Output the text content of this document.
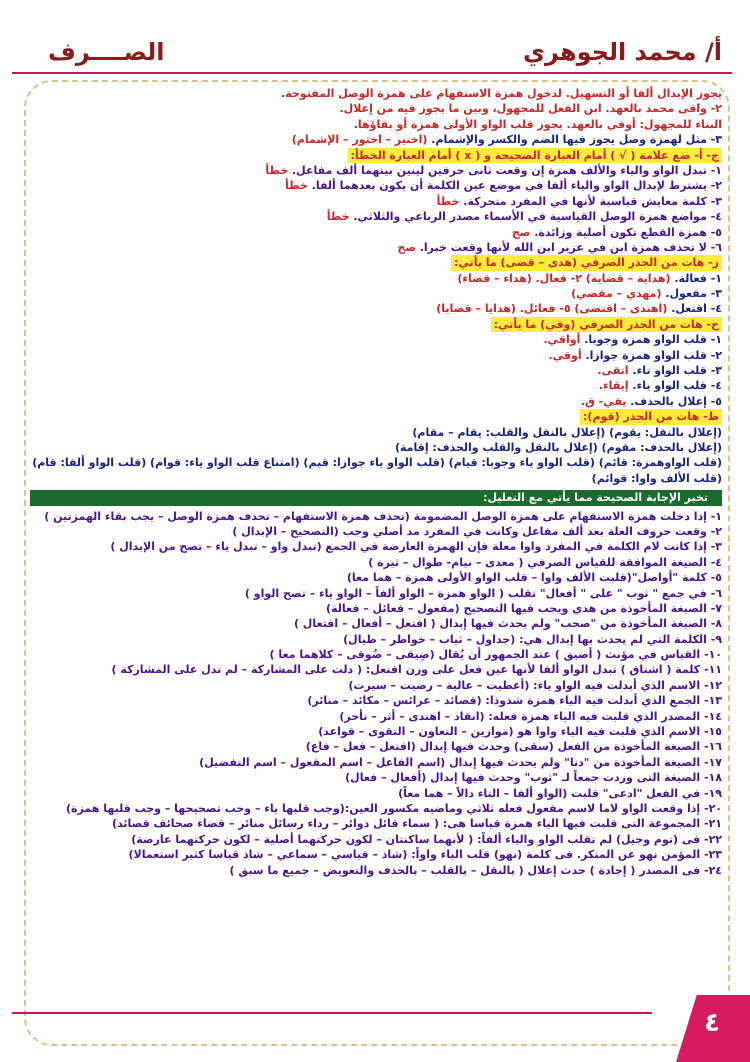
أ/ محمد الجوهري
الصــــرف
يجوز الإبدال ألفا أو التسهيل. لدخول همزة الاستفهام على همزة الوصل المفتوحة.
٢- واقى محمد بالعهد. ابن الفعل للمجهول، وبين ما يجوز فيه من إعلال.
البناء للمجهول: أوفي بالعهد. يجوز قلب الواو الأولى همزة أو بقاؤها.
٣- مثل لهمزة وصل يجوز فيها الضم والكسر والإشمام. (اختير – اختور – الإشمام)
ج- أ- ضع علامة ( √ ) أمام العبارة الصحيحة و ( x ) أمام العبارة الخطأ:
١- تبدل الواو والياء والألف همزة إن وقعت ثانى حرفين لينين بينهما ألف مفاعل. خطأ
٢- يشترط لإبدال الواو والياء ألفا في موضع عين الكلمة أن يكون بعدهما ألفا. خطأ
٣- كلمة معايش قياسية لأنها في المفرد متحركة. خطأ
٤- مواضع همزة الوصل القياسية في الأسماء مصدر الرباعي والثلاثي. خطأ
٥- همزة القطع تكون أصلية وزائدة. صح
٦- لا تحذف همزة ابن في عزير ابن الله لأنها وقعت خبرا. صح
ز- هات من الجذر الصرفي (هدى – قضى) ما يأتي:
١- فعالة. (هداية – قضاية) ٢- فعال. (هداء – قضاء)
٣- مفعول. (مهدي – مقضي)
٤- افتعل. (اهتدى – اقتضى) ٥- فعائل. (هدايا – قضايا)
ح- هات من الجذر الصرفي (وقي) ما يأتي:
١- قلب الواو همزة وجوبا. أواقي.
٢- قلب الواو همزة جوازا. أوقي.
٣- قلب الواو تاء. اتقى.
٤- قلب الواو ياء. إيقاء.
٥- إعلال بالحذف. يقي- ق.
ط- هات من الجذر (قوم):
(إعلال بالنقل: يقوم) (إعلال بالنقل والقلب: يقام – مقام)
(إعلال بالحذف: مقوم) (إعلال بالنقل والقلب والحذف: إقامة)
(قلب الواوهمزة: قائم) (قلب الواو ياء وجوبا: قيام) (قلب الواو ياء جوازا: قيم) (امتناع قلب الواو ياء: قوام) (قلب الواو ألفا: قام)
(قلب الألف واوا: قوائم)
تخير الإجابة الصحيحة مما يأتي مع التعليل:
١- إذا دخلت همزة الاستفهام على همزة الوصل المضمومة (تحذف همزة الاستفهام – تحذف همزة الوصل – يجب بقاء الهمزتين )
٢- وقعت حروف العلة بعد ألف مفاعل وكانت في المفرد مد أصلي وجب (التصحيح – الإبدال )
٣- إذا كانت لام الكلمة في المفرد واوا معلة فإن الهمزة العارضة في الجمع (تبدل واو – تبدل ياء – تصح من الإبدال )
٤- الصيغة الموافقة للقياس الصرفي ( معدى – نيام- طوال – ثيرة )
٥- كلمة "أواصل"(قلبت الألف واوا – قلب الواو الأولى همزة – هما معا)
٦- في جمع " ثوب " على " أفعال" تقلب ( الواو همزة – الواو ألفاً – الواو ياء – تصح الواو )
٧- الصيغة المأخوذة من هدي ويجب فيها التصحيح (مفعول – فعائل – فعالة)
٨- الصيغة المأخوذة من "صحب" ولم يحدث فيها إبدال ( افتعل – أفعال – افتعال )
٩- الكلمة التي لم يحدث بها إبدال هي: (جداول – ثياب – خواطر – طيال)
١٠- القياس في مؤنث ( أضيق ) عند الجمهور أن يُقال (ضِيقى – ضُوقى – كلاهما معا )
١١- كلمة ( اشتاق ) تبدل الواو ألفا لأنها عين فعل على وزن افتعل: ( دلت على المشاركة – لم تدل على المشاركة )
١٢- الاسم الذي أبدلت فيه الواو ياء: (أعطيت – عالية – رضيت – سيرت)
١٣- الجمع الذي أبدلت فيه الياء همزة شذوذا: (قصائد – عرائس – مكائد – منائر)
١٤- المصدر الذي قلبت فيه الياء همزة فعله: (انقاد – اهتدى – أثر – تأخر)
١٥- الاسم الذي قلبت فيه الياء واوا هو (موازين – التعاون – التقوى – قواعد)
١٦- الصيغة المأخوذة من الفعل (سقى) وحدث فيها إبدال (افتعل – فعل – فاع)
١٧- الصيغة المأخوذة من "دنا" ولم يحدث فيها إبدال (اسم الفاعل – اسم المفعول – اسم التفضيل)
١٨- الصيغة التى وردت جمعاً لـ "ثوب" وحدث فيها إبدال (أفعال – فعال)
١٩- في الفعل "ادعى" قلبت (الواو ألفا – التاء دالاً – هما معاً)
٢٠- إذا وقعت الواو لاما لاسم مفعول فعله ثلاثي وماضيه مكسور العين:(وجب قلبها ياء – وجب تصحيحها – وجب قلبها همزة)
٢١- المجموعة التى قلبت فيها الياء همزة قياسا هى: ( سماء قائل دوائر – رداء رسائل منائر – قضاء صحائف قصائد)
٢٢- فى (توم وجيل) لم تقلب الواو والياء ألفاً: ( لأنهما ساكنتان – لكون حركتهما أصلية – لكون حركتهما عارضة)
٢٣- المؤمن نهو عن المنكر. فى كلمة (نهو) قلب الياء واواً: (شاذ – قياسي – سماعي – شاذ قياسا كثير استعمالا)
٢٤- فى المصدر ( إجادة ) حدث إعلال ( بالنقل – بالقلب – بالحذف والتعويض – جميع ما سبق )
٤
